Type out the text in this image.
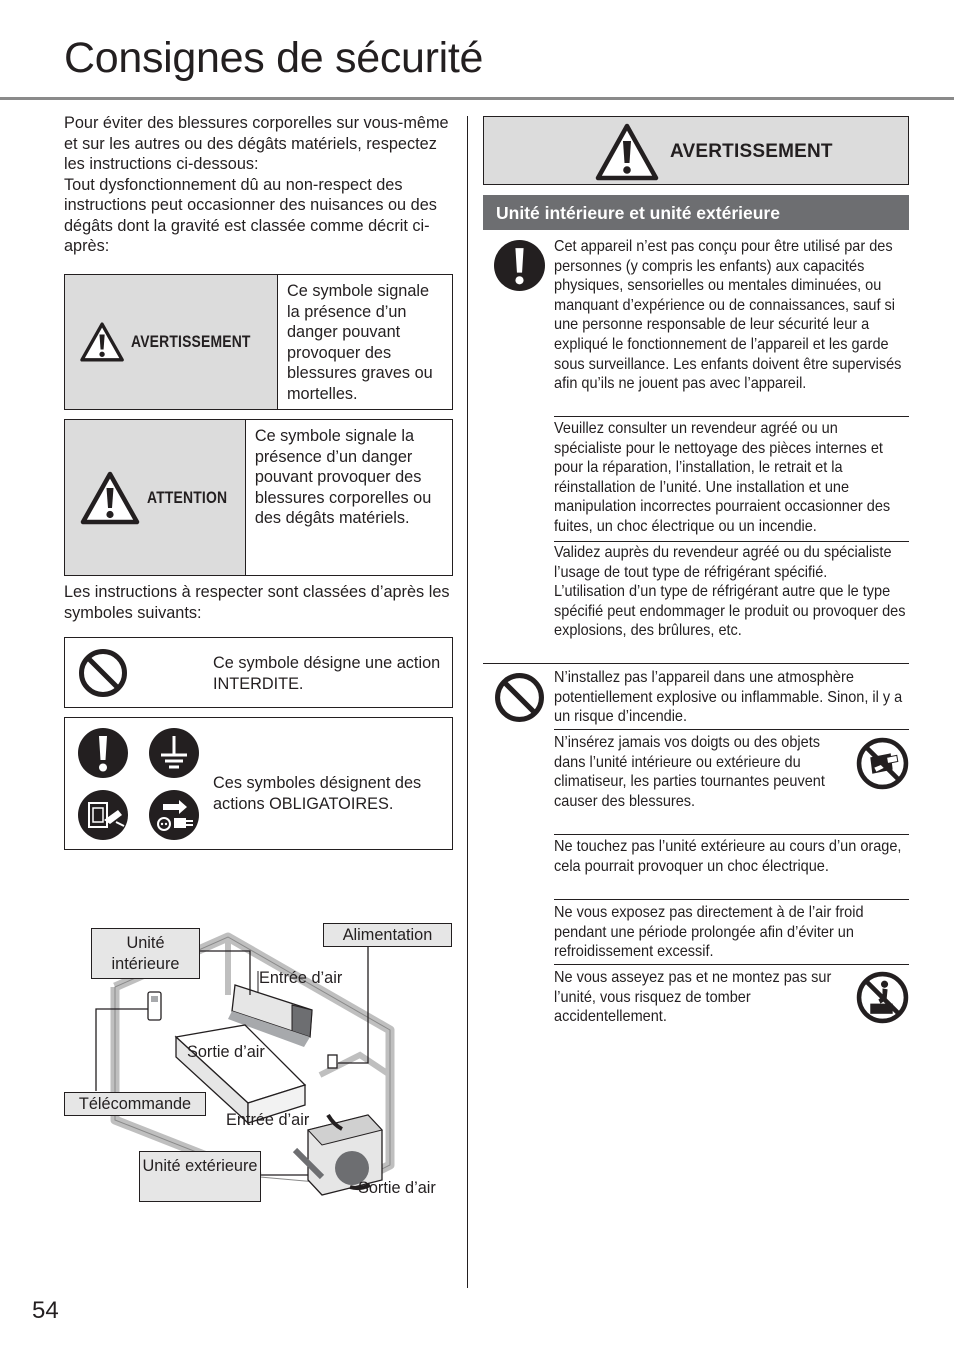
Consignes de sécurité

Pour éviter des blessures corporelles sur vous-même et sur les autres ou des dégâts matériels, respectez les instructions ci-dessous:

Tout dysfonctionnement dû au non-respect des instructions peut occasionner des nuisances ou des dégâts dont la gravité est classée comme décrit ci-après:

AVERTISSEMENT
Ce symbole signale la présence d’un danger pouvant provoquer des blessures graves ou mortelles.
ATTENTION
Ce symbole signale la présence d’un danger pouvant provoquer des blessures corporelles ou des dégâts matériels.
Les instructions à respecter sont classées d’après les symboles suivants:
Ce symbole désigne une action INTERDITE.
Ces symboles désignent des actions OBLIGATOIRES.
Unité intérieure
Alimentation
Entrée d’air
Sortie d’air
Télécommande
Entrée d’air
Unité extérieure
Sortie d’air
54
AVERTISSEMENT
Unité intérieure et unité extérieure
Cet appareil n’est pas conçu pour être utilisé par des personnes (y compris les enfants) aux capacités physiques, sensorielles ou mentales diminuées, ou manquant d’expérience ou de connaissances, sauf si une personne responsable de leur sécurité leur a expliqué le fonctionnement de l’appareil et les garde sous surveillance. Les enfants doivent être supervisés afin qu’ils ne jouent pas avec l’appareil.
Veuillez consulter un revendeur agréé ou un spécialiste pour le nettoyage des pièces internes et pour la réparation, l’installation, le retrait et la réinstallation de l’unité. Une installation et une manipulation incorrectes pourraient occasionner des fuites, un choc électrique ou un incendie.
Validez auprès du revendeur agréé ou du spécialiste l’usage de tout type de réfrigérant spécifié.
L’utilisation d’un type de réfrigérant autre que le type spécifié peut endommager le produit ou provoquer des explosions, des brûlures, etc.
N’installez pas l’appareil dans une atmosphère potentiellement explosive ou inflammable. Sinon, il y a un risque d’incendie.
N’insérez jamais vos doigts ou des objets dans l’unité intérieure ou extérieure du climatiseur, les parties tournantes peuvent causer des blessures.
Ne touchez pas l’unité extérieure au cours d’un orage, cela pourrait provoquer un choc électrique.
Ne vous exposez pas directement à de l’air froid pendant une période prolongée afin d’éviter un refroidissement excessif.
Ne vous asseyez pas et ne montez pas sur l’unité, vous risquez de tomber accidentellement.
